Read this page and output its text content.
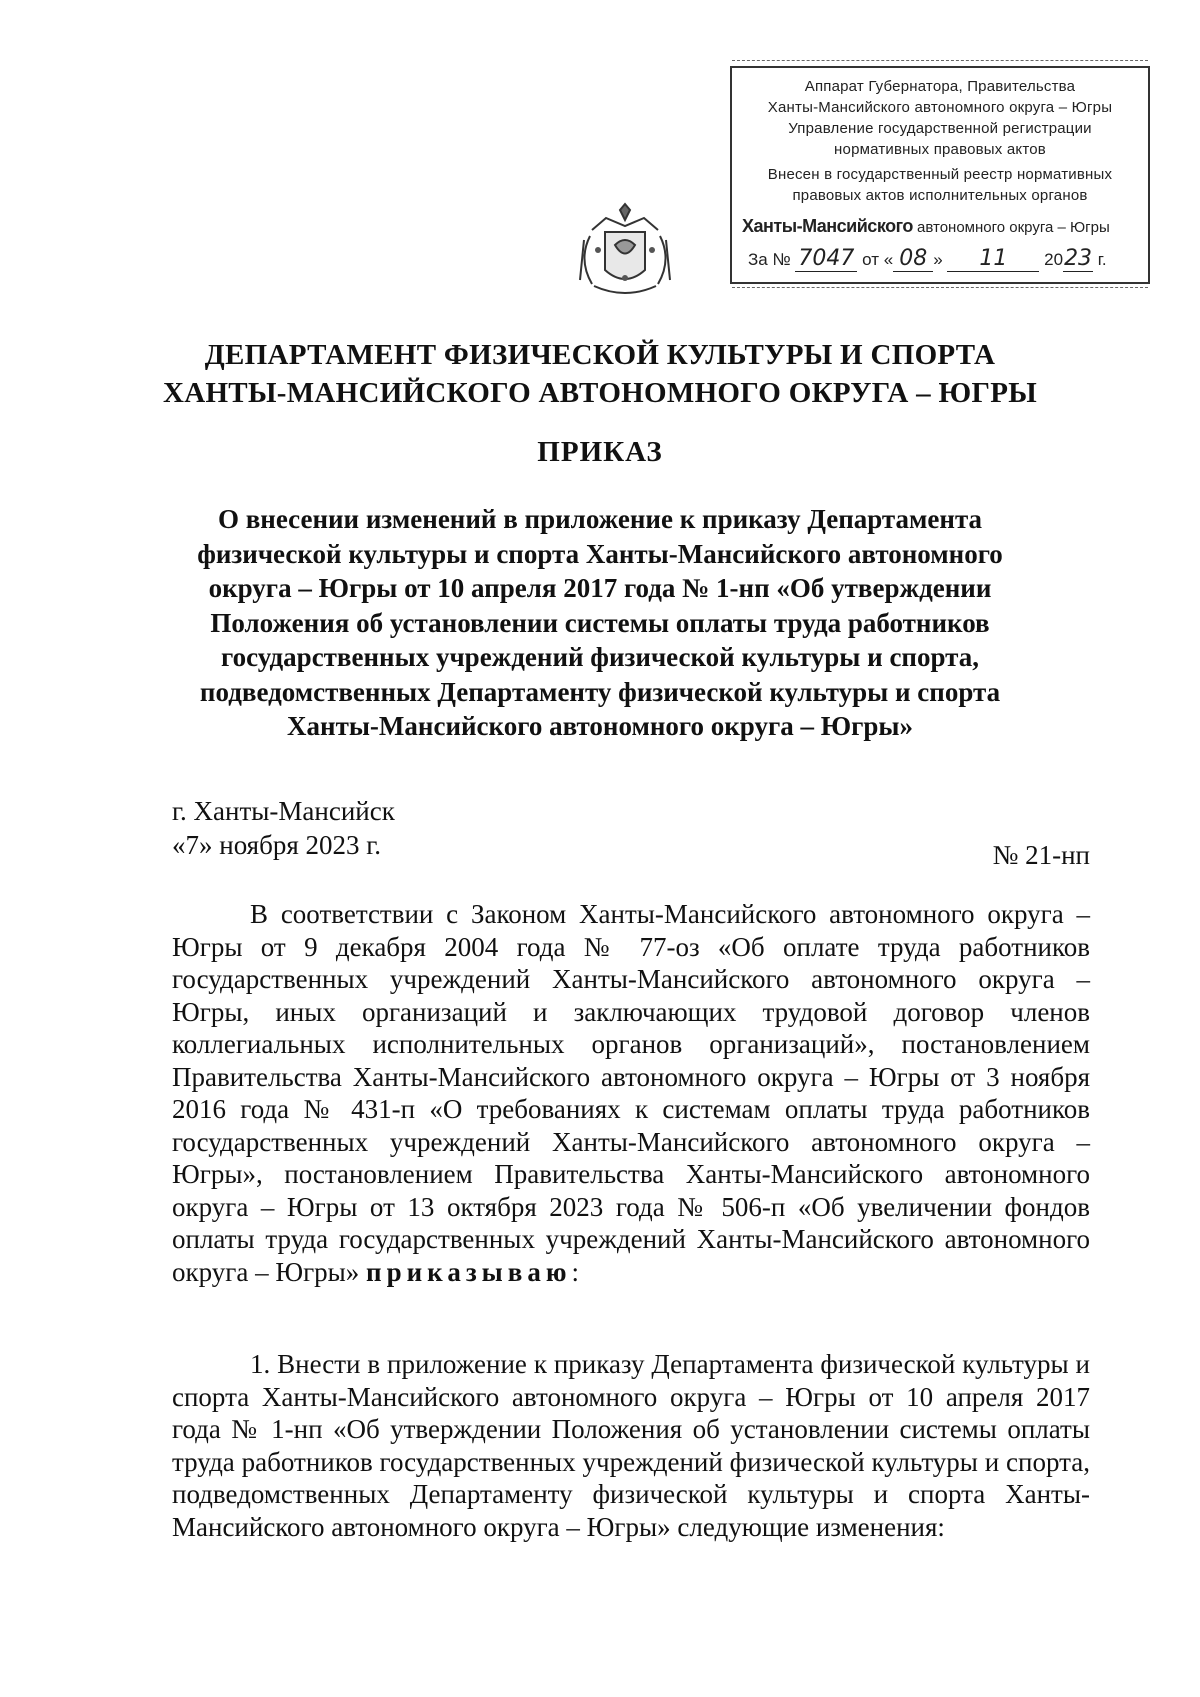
Аппарат Губернатора, Правительства
Ханты-Мансийского автономного округа – Югры
Управление государственной регистрации
нормативных правовых актов
Внесен в государственный реестр нормативных
правовых актов исполнительных органов
Ханты-Мансийского автономного округа – Югры
За № 7047 от « 08 » 11 2023 г.
ДЕПАРТАМЕНТ ФИЗИЧЕСКОЙ КУЛЬТУРЫ И СПОРТА
ХАНТЫ-МАНСИЙСКОГО АВТОНОМНОГО ОКРУГА – ЮГРЫ
ПРИКАЗ
О внесении изменений в приложение к приказу Департамента
физической культуры и спорта Ханты-Мансийского автономного
округа – Югры от 10 апреля 2017 года № 1-нп «Об утверждении
Положения об установлении системы оплаты труда работников
государственных учреждений физической культуры и спорта,
подведомственных Департаменту физической культуры и спорта
Ханты-Мансийского автономного округа – Югры»
г. Ханты-Мансийск
«7» ноября 2023 г.	№ 21-нп
В соответствии с Законом Ханты-Мансийского автономного округа – Югры от 9 декабря 2004 года № 77-оз «Об оплате труда работников государственных учреждений Ханты-Мансийского автономного округа – Югры, иных организаций и заключающих трудовой договор членов коллегиальных исполнительных органов организаций», постановлением Правительства Ханты-Мансийского автономного округа – Югры от 3 ноября 2016 года № 431-п «О требованиях к системам оплаты труда работников государственных учреждений Ханты-Мансийского автономного округа – Югры», постановлением Правительства Ханты-Мансийского автономного округа – Югры от 13 октября 2023 года № 506-п «Об увеличении фондов оплаты труда государственных учреждений Ханты-Мансийского автономного округа – Югры» приказываю:
1. Внести в приложение к приказу Департамента физической культуры и спорта Ханты-Мансийского автономного округа – Югры от 10 апреля 2017 года № 1-нп «Об утверждении Положения об установлении системы оплаты труда работников государственных учреждений физической культуры и спорта, подведомственных Департаменту физической культуры и спорта Ханты-Мансийского автономного округа – Югры» следующие изменения:
